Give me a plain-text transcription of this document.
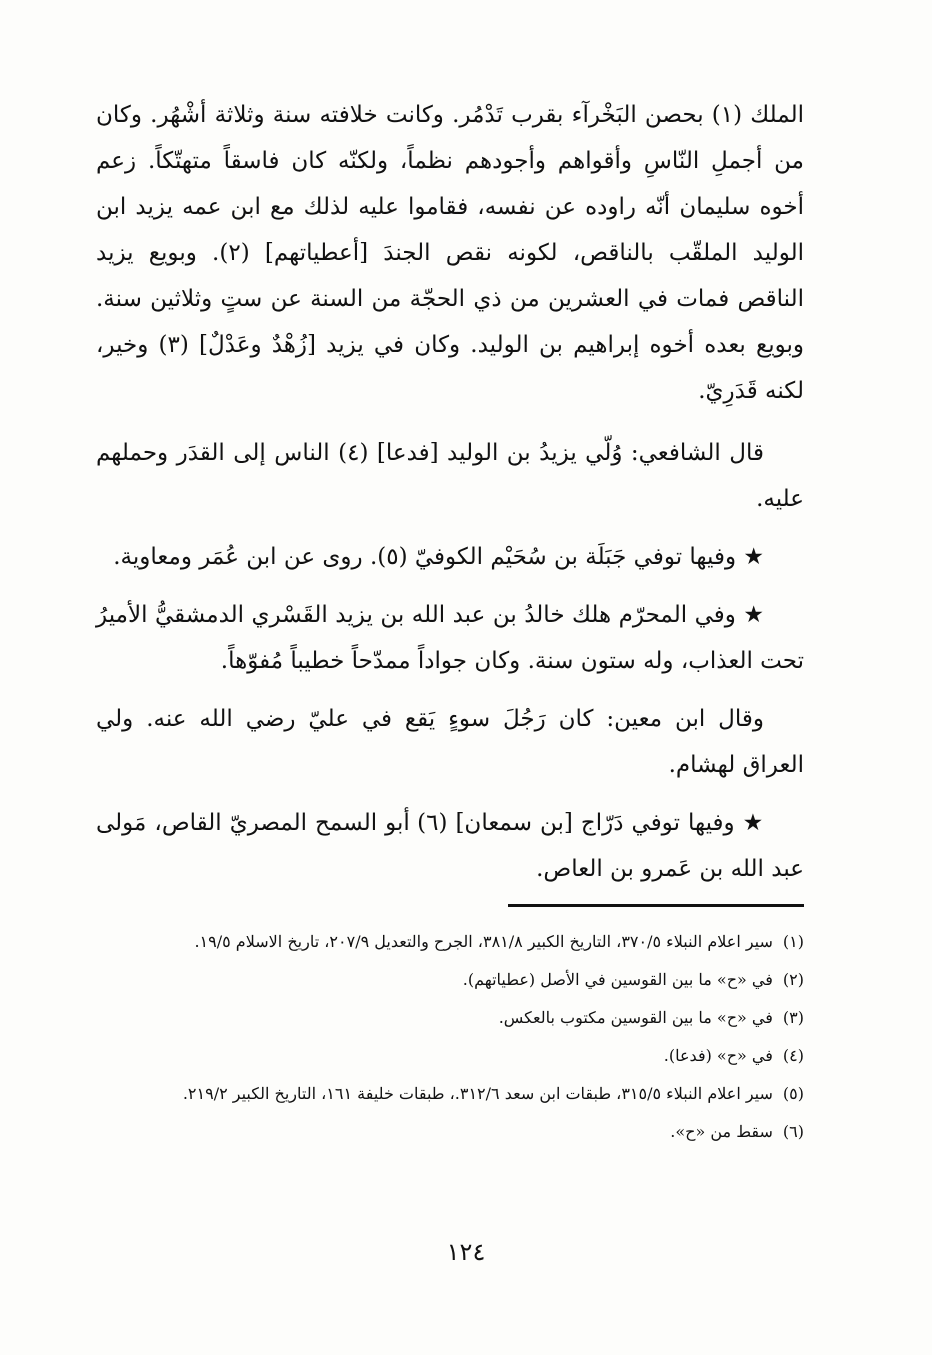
الملك (١) بحصن البَخْرآء بقرب تَدْمُر. وكانت خلافته سنة وثلاثة أشْهُر. وكان من أجملِ النّاسِ وأقواهم وأجودهم نظماً، ولكنّه كان فاسقاً متهتّكاً. زعم أخوه سليمان أنّه راوده عن نفسه، فقاموا عليه لذلك مع ابن عمه يزيد ابن الوليد الملقّب بالناقص، لكونه نقص الجندَ [أعطياتهم] (٢). وبويع يزيد الناقص فمات في العشرين من ذي الحجّة من السنة عن ستٍ وثلاثين سنة. وبويع بعده أخوه إبراهيم بن الوليد. وكان في يزيد [زُهْدٌ وعَدْلٌ] (٣) وخير، لكنه قَدَرِيّ.

قال الشافعي: وُلّي يزيدُ بن الوليد [فدعا] (٤) الناس إلى القدَر وحملهم عليه.

★ وفيها توفي جَبَلَة بن سُحَيْم الكوفيّ (٥). روى عن ابن عُمَر ومعاوية.

★ وفي المحرّم هلك خالدُ بن عبد الله بن يزيد القَسْري الدمشقيُّ الأميرُ تحت العذاب، وله ستون سنة. وكان جواداً ممدّحاً خطيباً مُفوّهاً.

وقال ابن معين: كان رَجُلَ سوءٍ يَقع في عليّ رضي الله عنه. ولي العراق لهشام.

★ وفيها توفي دَرّاج [بن سمعان] (٦) أبو السمح المصريّ القاص، مَولى عبد الله بن عَمرو بن العاص.

(١)سير اعلام النبلاء ٣٧٠/٥، التاريخ الكبير ٣٨١/٨، الجرح والتعديل ٢٠٧/٩، تاريخ الاسلام ١٩/٥.
(٢)في «ح» ما بين القوسين في الأصل (عطياتهم).
(٣)في «ح» ما بين القوسين مكتوب بالعكس.
(٤)في «ح» (فدعا).
(٥)سير اعلام النبلاء ٣١٥/٥، طبقات ابن سعد ٣١٢/٦.، طبقات خليفة ١٦١، التاريخ الكبير ٢١٩/٢.
(٦)سقط من «ح».
١٢٤
